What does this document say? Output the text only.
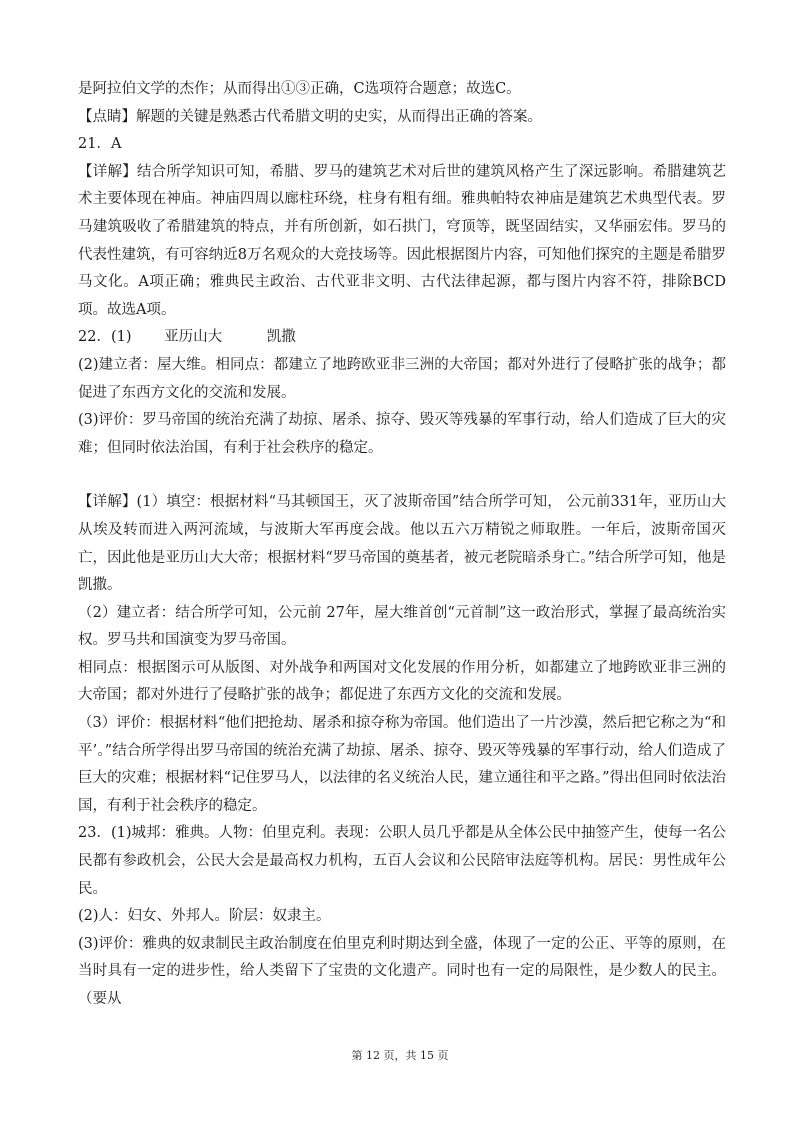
是阿拉伯文学的杰作；从而得出①③正确，C选项符合题意；故选C。

【点睛】解题的关键是熟悉古代希腊文明的史实，从而得出正确的答案。

21．A

【详解】结合所学知识可知，希腊、罗马的建筑艺术对后世的建筑风格产生了深远影响。希腊建筑艺术主要体现在神庙。神庙四周以廊柱环绕，柱身有粗有细。雅典帕特农神庙是建筑艺术典型代表。罗马建筑吸收了希腊建筑的特点，并有所创新，如石拱门，穹顶等，既坚固结实，又华丽宏伟。罗马的代表性建筑，有可容纳近8万名观众的大竞技场等。因此根据图片内容，可知他们探究的主题是希腊罗马文化。A项正确；雅典民主政治、古代亚非文明、古代法律起源，都与图片内容不符，排除BCD项。故选A项。

22．(1) 亚历山大	凯撒

(2)建立者：屋大维。相同点：都建立了地跨欧亚非三洲的大帝国；都对外进行了侵略扩张的战争；都促进了东西方文化的交流和发展。

(3)评价：罗马帝国的统治充满了劫掠、屠杀、掠夺、毁灭等残暴的军事行动，给人们造成了巨大的灾难；但同时依法治国，有利于社会秩序的稳定。

【详解】(1）填空：根据材料“马其顿国王，灭了波斯帝国”结合所学可知， 公元前331年，亚历山大从埃及转而进入两河流域，与波斯大军再度会战。他以五六万精锐之师取胜。一年后，波斯帝国灭亡，因此他是亚历山大大帝；根据材料“罗马帝国的奠基者，被元老院暗杀身亡。”结合所学可知，他是凯撒。

（2）建立者：结合所学可知，公元前 27年，屋大维首创“元首制”这一政治形式，掌握了最高统治实权。罗马共和国演变为罗马帝国。

相同点：根据图示可从版图、对外战争和两国对文化发展的作用分析，如都建立了地跨欧亚非三洲的大帝国；都对外进行了侵略扩张的战争；都促进了东西方文化的交流和发展。

（3）评价：根据材料“他们把抢劫、屠杀和掠夺称为帝国。他们造出了一片沙漠，然后把它称之为“和平’。”结合所学得出罗马帝国的统治充满了劫掠、屠杀、掠夺、毁灭等残暴的军事行动，给人们造成了巨大的灾难；根据材料“记住罗马人，以法律的名义统治人民，建立通往和平之路。”得出但同时依法治国，有利于社会秩序的稳定。

23．(1)城邦：雅典。人物：伯里克利。表现：公职人员几乎都是从全体公民中抽签产生，使每一名公民都有参政机会，公民大会是最高权力机构，五百人会议和公民陪审法庭等机构。居民：男性成年公民。

(2)人：妇女、外邦人。阶层：奴隶主。

(3)评价：雅典的奴隶制民主政治制度在伯里克利时期达到全盛，体现了一定的公正、平等的原则，在当时具有一定的进步性，给人类留下了宝贵的文化遗产。同时也有一定的局限性，是少数人的民主。（要从

第 12 页，共 15 页
